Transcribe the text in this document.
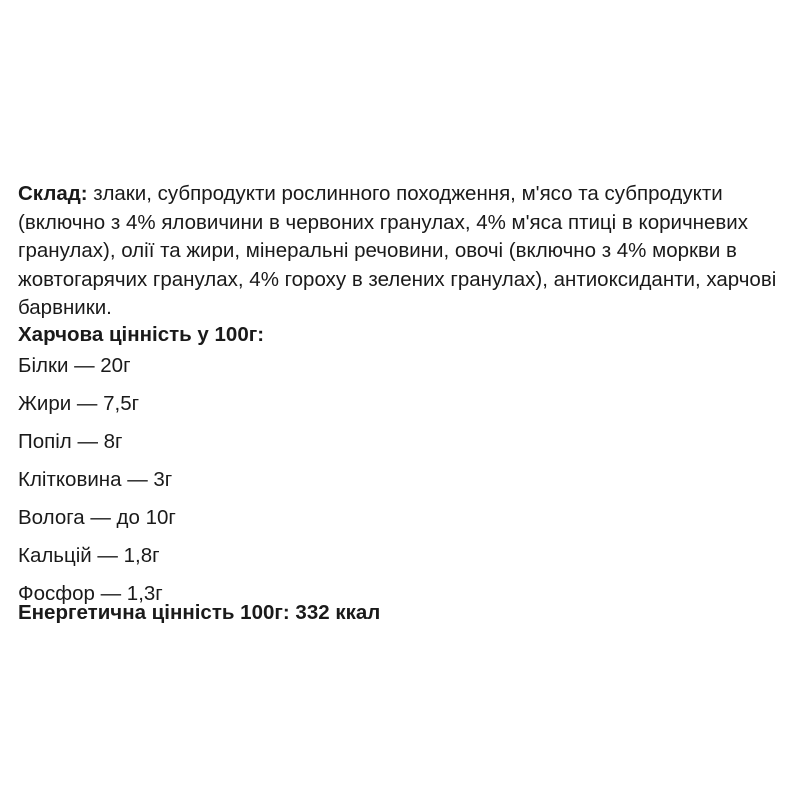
Склад: злаки, субпродукти рослинного походження, м'ясо та субпродукти (включно з 4% яловичини в червоних гранулах, 4% м'яса птиці в коричневих гранулах), олії та жири, мінеральні речовини, овочі (включно з 4% моркви в жовтогарячих гранулах, 4% гороху в зелених гранулах), антиоксиданти, харчові барвники.

Харчова цінність у 100г:

Білки — 20г
Жири — 7,5г
Попіл — 8г
Клітковина — 3г
Волога — до 10г
Кальцій — 1,8г
Фосфор — 1,3г

Енергетична цінність 100г: 332 ккал
